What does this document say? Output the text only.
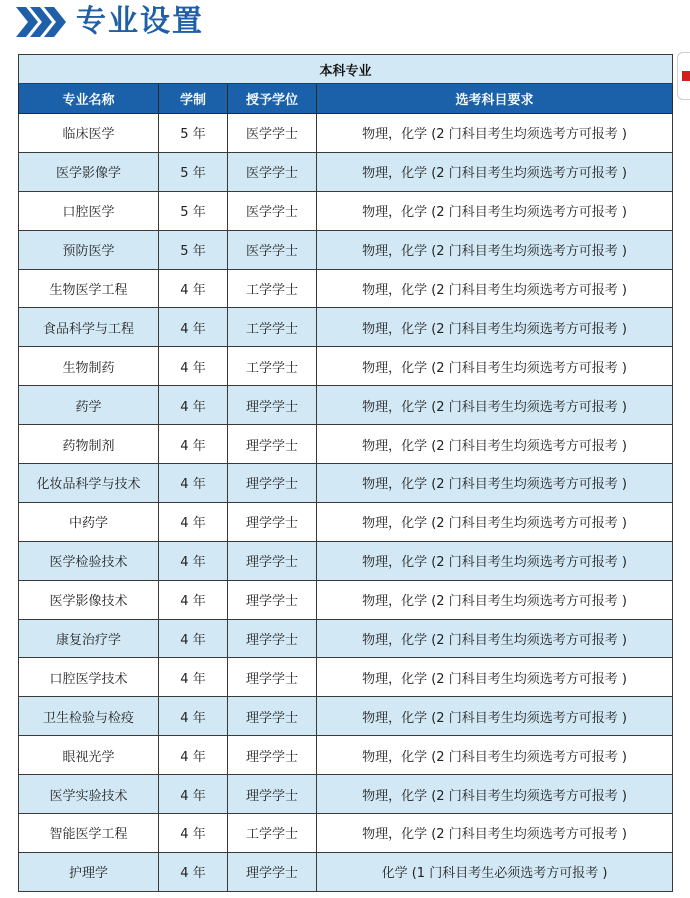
专业设置
本科专业			
专业名称	学制	授予学位	选考科目要求
临床医学	5 年	医学学士	物理，化学 (2 门科目考生均须选考方可报考 )
医学影像学	5 年	医学学士	物理，化学 (2 门科目考生均须选考方可报考 )
口腔医学	5 年	医学学士	物理，化学 (2 门科目考生均须选考方可报考 )
预防医学	5 年	医学学士	物理，化学 (2 门科目考生均须选考方可报考 )
生物医学工程	4 年	工学学士	物理，化学 (2 门科目考生均须选考方可报考 )
食品科学与工程	4 年	工学学士	物理，化学 (2 门科目考生均须选考方可报考 )
生物制药	4 年	工学学士	物理，化学 (2 门科目考生均须选考方可报考 )
药学	4 年	理学学士	物理，化学 (2 门科目考生均须选考方可报考 )
药物制剂	4 年	理学学士	物理，化学 (2 门科目考生均须选考方可报考 )
化妆品科学与技术	4 年	理学学士	物理，化学 (2 门科目考生均须选考方可报考 )
中药学	4 年	理学学士	物理，化学 (2 门科目考生均须选考方可报考 )
医学检验技术	4 年	理学学士	物理，化学 (2 门科目考生均须选考方可报考 )
医学影像技术	4 年	理学学士	物理，化学 (2 门科目考生均须选考方可报考 )
康复治疗学	4 年	理学学士	物理，化学 (2 门科目考生均须选考方可报考 )
口腔医学技术	4 年	理学学士	物理，化学 (2 门科目考生均须选考方可报考 )
卫生检验与检疫	4 年	理学学士	物理，化学 (2 门科目考生均须选考方可报考 )
眼视光学	4 年	理学学士	物理，化学 (2 门科目考生均须选考方可报考 )
医学实验技术	4 年	理学学士	物理，化学 (2 门科目考生均须选考方可报考 )
智能医学工程	4 年	工学学士	物理，化学 (2 门科目考生均须选考方可报考 )
护理学	4 年	理学学士	化学 (1 门科目考生必须选考方可报考 )
